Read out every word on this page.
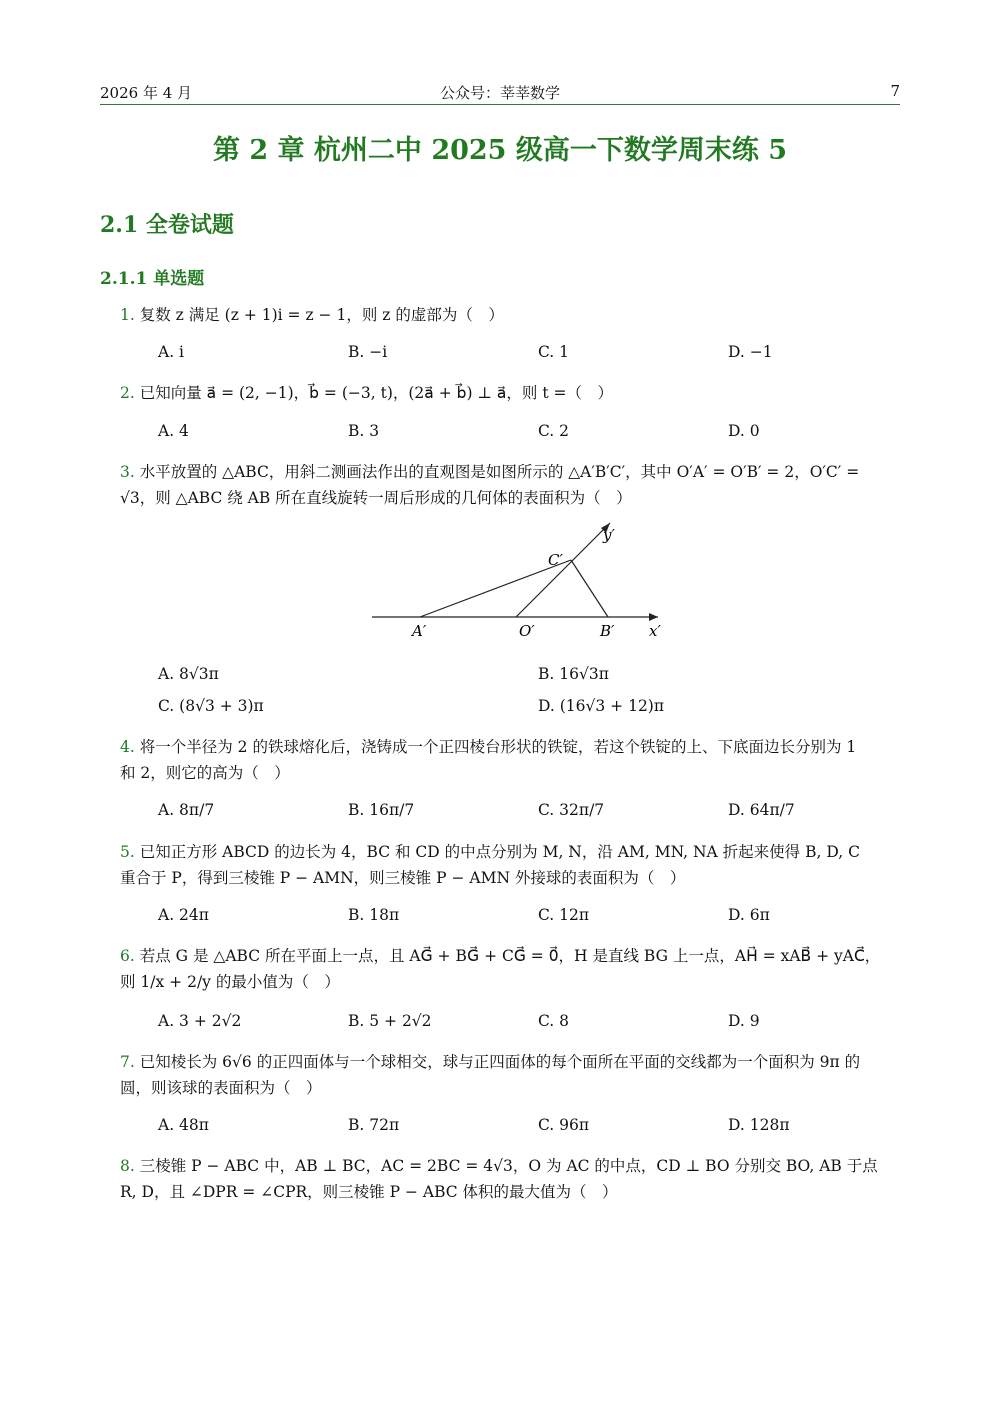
2026 年 4 月	公众号：莘莘数学	7
第 2 章 杭州二中 2025 级高一下数学周末练 5
2.1 全卷试题
2.1.1 单选题
1. 复数 z 满足 (z + 1)i = z − 1，则 z 的虚部为（　）
A. i	B. −i	C. 1	D. −1
2. 已知向量 a⃗ = (2, −1)，b⃗ = (−3, t)，(2a⃗ + b⃗) ⊥ a⃗，则 t =（　）
A. 4	B. 3	C. 2	D. 0
3. 水平放置的 △ABC，用斜二测画法作出的直观图是如图所示的 △A′B′C′，其中 O′A′ = O′B′ = 2，O′C′ =
√3，则 △ABC 绕 AB 所在直线旋转一周后形成的几何体的表面积为（　）
A′	O′	B′
C′
x′
y′
A. 8√3π	B. 16√3π
C. (8√3 + 3)π	D. (16√3 + 12)π
4. 将一个半径为 2 的铁球熔化后，浇铸成一个正四棱台形状的铁锭，若这个铁锭的上、下底面边长分别为 1
和 2，则它的高为（　）
A. 8π/7	B. 16π/7	C. 32π/7	D. 64π/7
5. 已知正方形 ABCD 的边长为 4，BC 和 CD 的中点分别为 M, N，沿 AM, MN, NA 折起来使得 B, D, C
重合于 P，得到三棱锥 P − AMN，则三棱锥 P − AMN 外接球的表面积为（　）
A. 24π	B. 18π	C. 12π	D. 6π
6. 若点 G 是 △ABC 所在平面上一点，且 AG⃗ + BG⃗ + CG⃗ = 0⃗，H 是直线 BG 上一点，AH⃗ = xAB⃗ + yAC⃗，
则 1/x + 2/y 的最小值为（　）
A. 3 + 2√2	B. 5 + 2√2	C. 8	D. 9
7. 已知棱长为 6√6 的正四面体与一个球相交，球与正四面体的每个面所在平面的交线都为一个面积为 9π 的
圆，则该球的表面积为（　）
A. 48π	B. 72π	C. 96π	D. 128π
8. 三棱锥 P − ABC 中，AB ⊥ BC，AC = 2BC = 4√3，O 为 AC 的中点，CD ⊥ BO 分别交 BO, AB 于点
R, D，且 ∠DPR = ∠CPR，则三棱锥 P − ABC 体积的最大值为（　）
